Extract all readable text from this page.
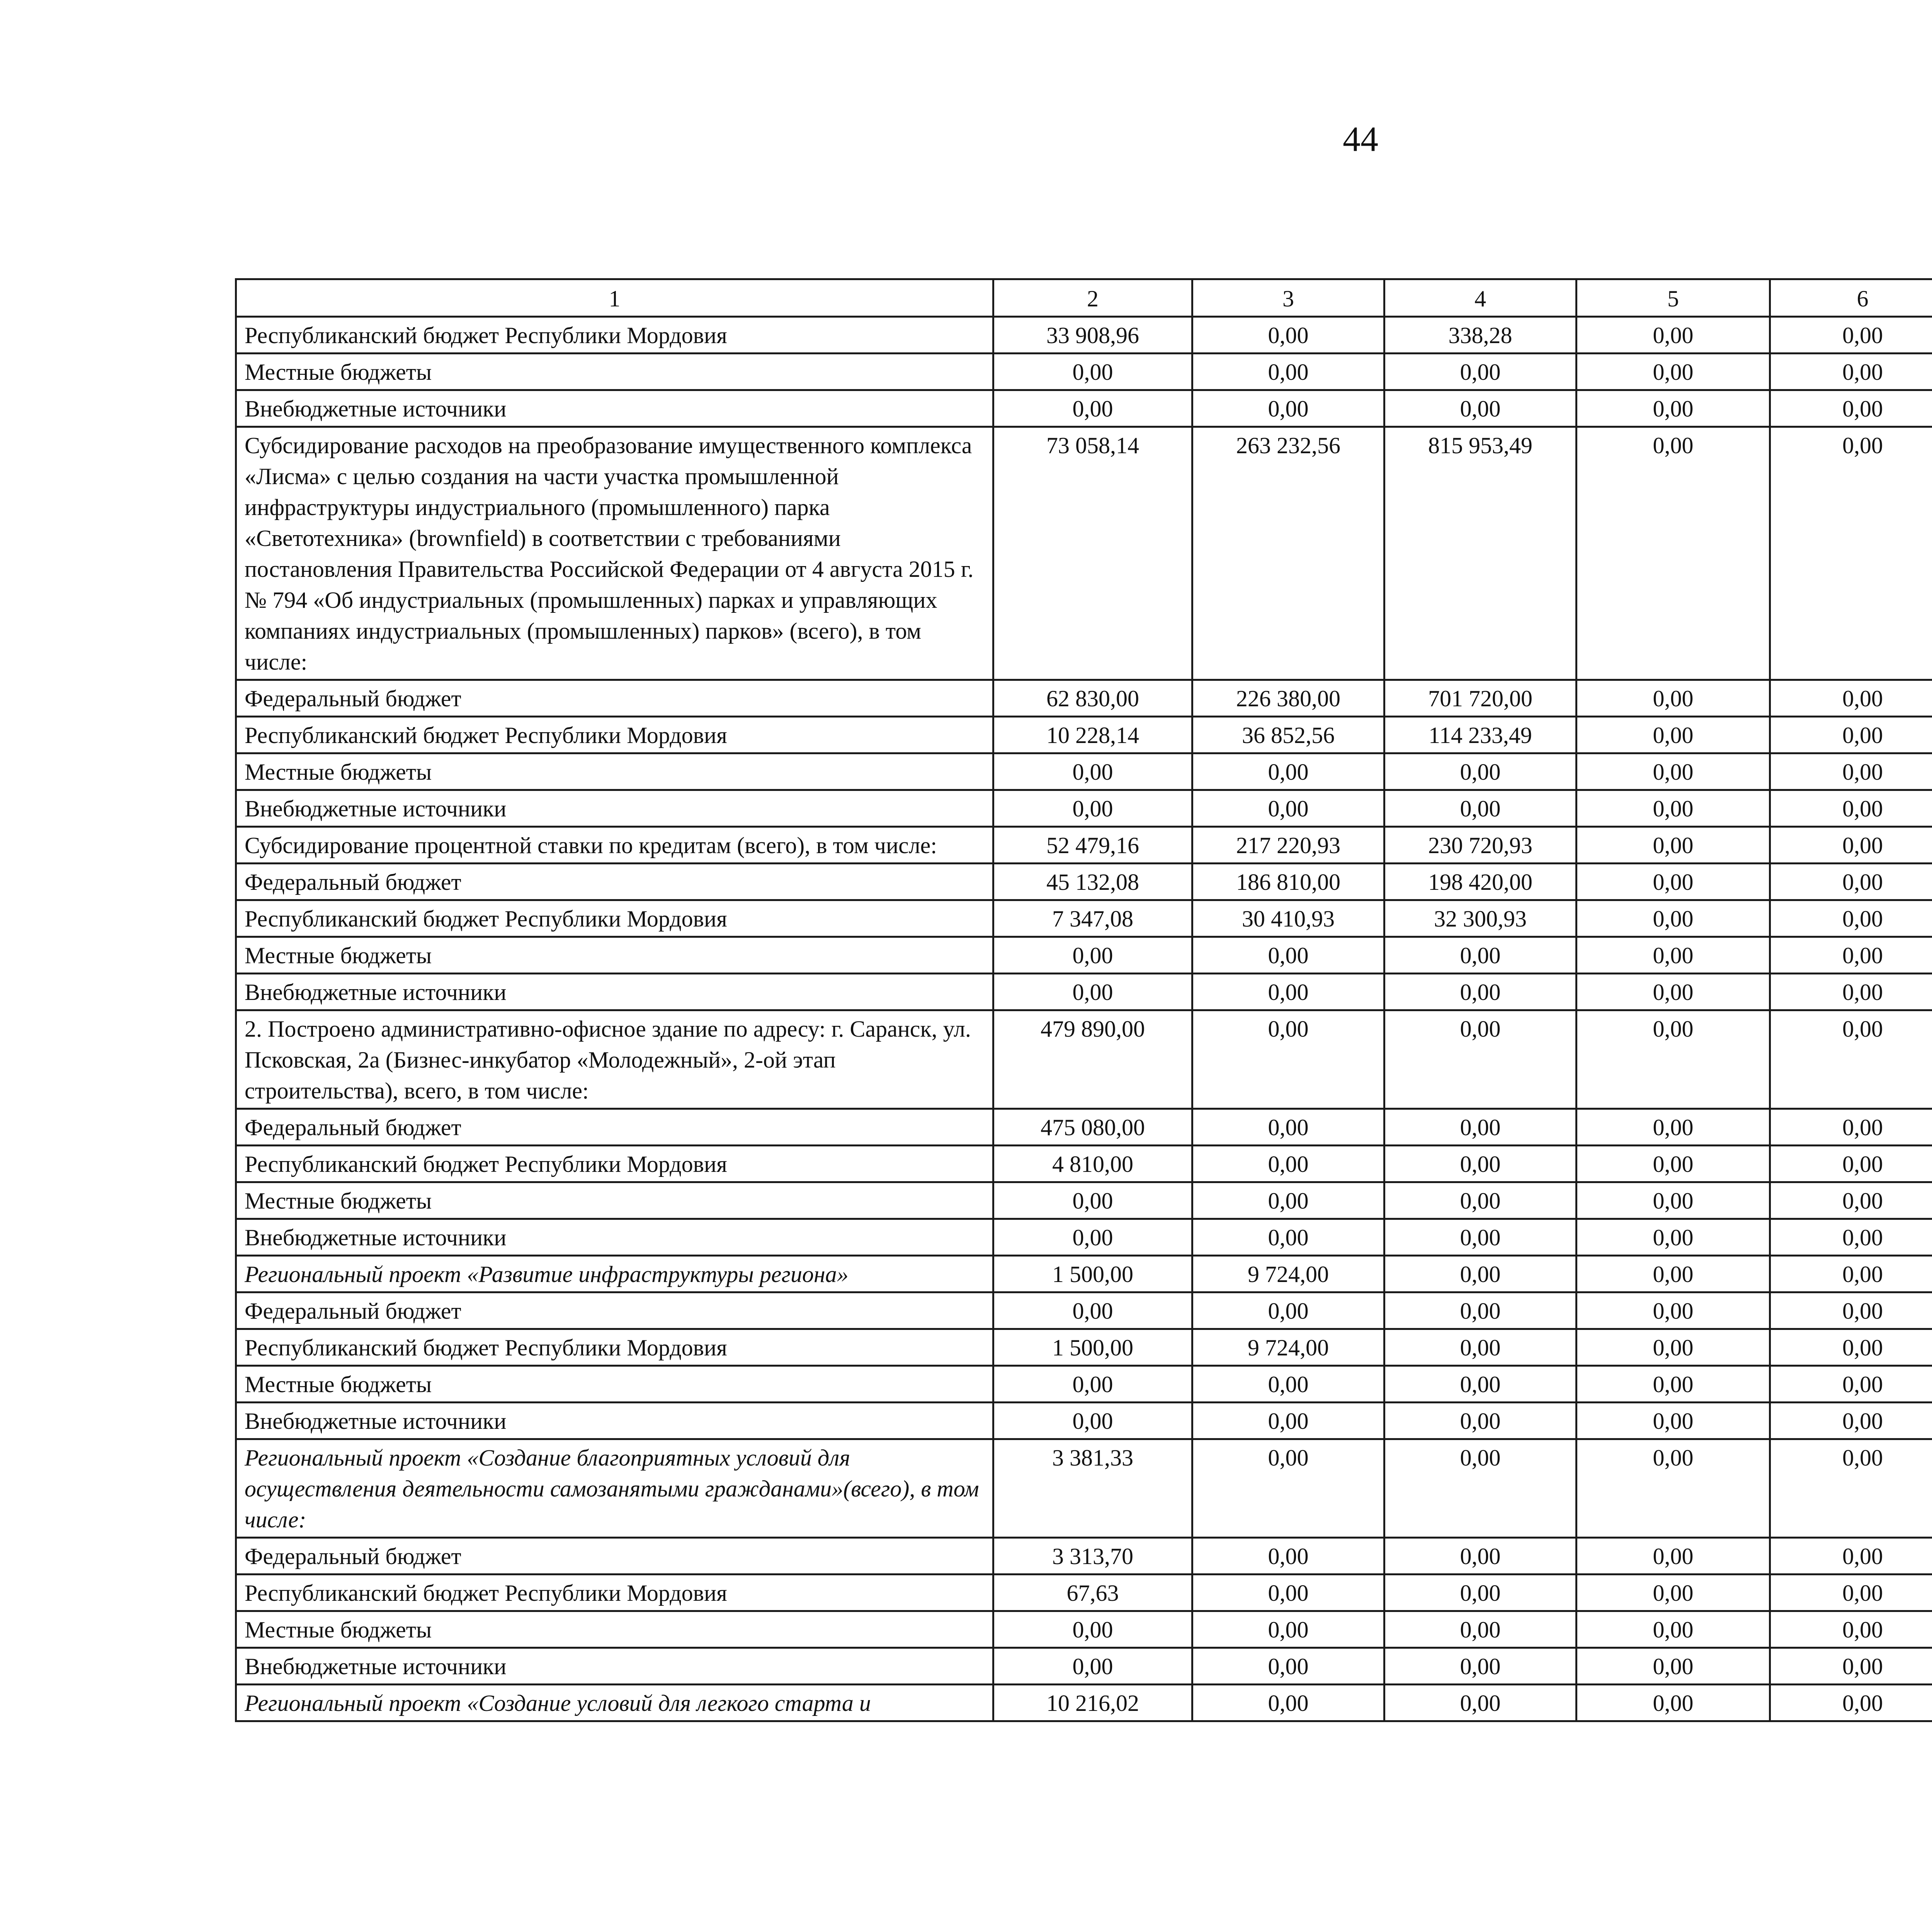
44
1	2	3	4	5	6			
Республиканский бюджет Республики Мордовия	33 908,96	0,00	338,28	0,00	0,00			
Местные бюджеты	0,00	0,00	0,00	0,00	0,00			
Внебюджетные источники	0,00	0,00	0,00	0,00	0,00			
Субсидирование расходов на преобразование имущественного комплекса «Лисма» с целью создания на части участка промышленной инфраструктуры индустриального (промышленного) парка «Светотехника» (brownfield) в соответствии с требованиями постановления Правительства Российской Федерации от 4 августа 2015 г. № 794 «Об индустриальных (промышленных) парках и управляющих компаниях индустриальных (промышленных) парков» (всего), в том числе:	73 058,14	263 232,56	815 953,49	0,00	0,00			
Федеральный бюджет	62 830,00	226 380,00	701 720,00	0,00	0,00			
Республиканский бюджет Республики Мордовия	10 228,14	36 852,56	114 233,49	0,00	0,00			
Местные бюджеты	0,00	0,00	0,00	0,00	0,00			
Внебюджетные источники	0,00	0,00	0,00	0,00	0,00			
Субсидирование процентной ставки по кредитам (всего), в том числе:	52 479,16	217 220,93	230 720,93	0,00	0,00			
Федеральный бюджет	45 132,08	186 810,00	198 420,00	0,00	0,00			
Республиканский бюджет Республики Мордовия	7 347,08	30 410,93	32 300,93	0,00	0,00			
Местные бюджеты	0,00	0,00	0,00	0,00	0,00			
Внебюджетные источники	0,00	0,00	0,00	0,00	0,00			
2. Построено административно-офисное здание по адресу: г. Саранск, ул. Псковская, 2а (Бизнес-инкубатор «Молодежный», 2-ой этап строительства), всего, в том числе:	479 890,00	0,00	0,00	0,00	0,00			
Федеральный бюджет	475 080,00	0,00	0,00	0,00	0,00			
Республиканский бюджет Республики Мордовия	4 810,00	0,00	0,00	0,00	0,00			
Местные бюджеты	0,00	0,00	0,00	0,00	0,00			
Внебюджетные источники	0,00	0,00	0,00	0,00	0,00			
Региональный проект «Развитие инфраструктуры региона»	1 500,00	9 724,00	0,00	0,00	0,00			
Федеральный бюджет	0,00	0,00	0,00	0,00	0,00			
Республиканский бюджет Республики Мордовия	1 500,00	9 724,00	0,00	0,00	0,00			
Местные бюджеты	0,00	0,00	0,00	0,00	0,00			
Внебюджетные источники	0,00	0,00	0,00	0,00	0,00			
Региональный проект «Создание благоприятных условий для осуществления деятельности самозанятыми гражданами»(всего), в том числе:	3 381,33	0,00	0,00	0,00	0,00			
Федеральный бюджет	3 313,70	0,00	0,00	0,00	0,00			
Республиканский бюджет Республики Мордовия	67,63	0,00	0,00	0,00	0,00			
Местные бюджеты	0,00	0,00	0,00	0,00	0,00			
Внебюджетные источники	0,00	0,00	0,00	0,00	0,00			
Региональный проект «Создание условий для легкого старта и	10 216,02	0,00	0,00	0,00	0,00			
